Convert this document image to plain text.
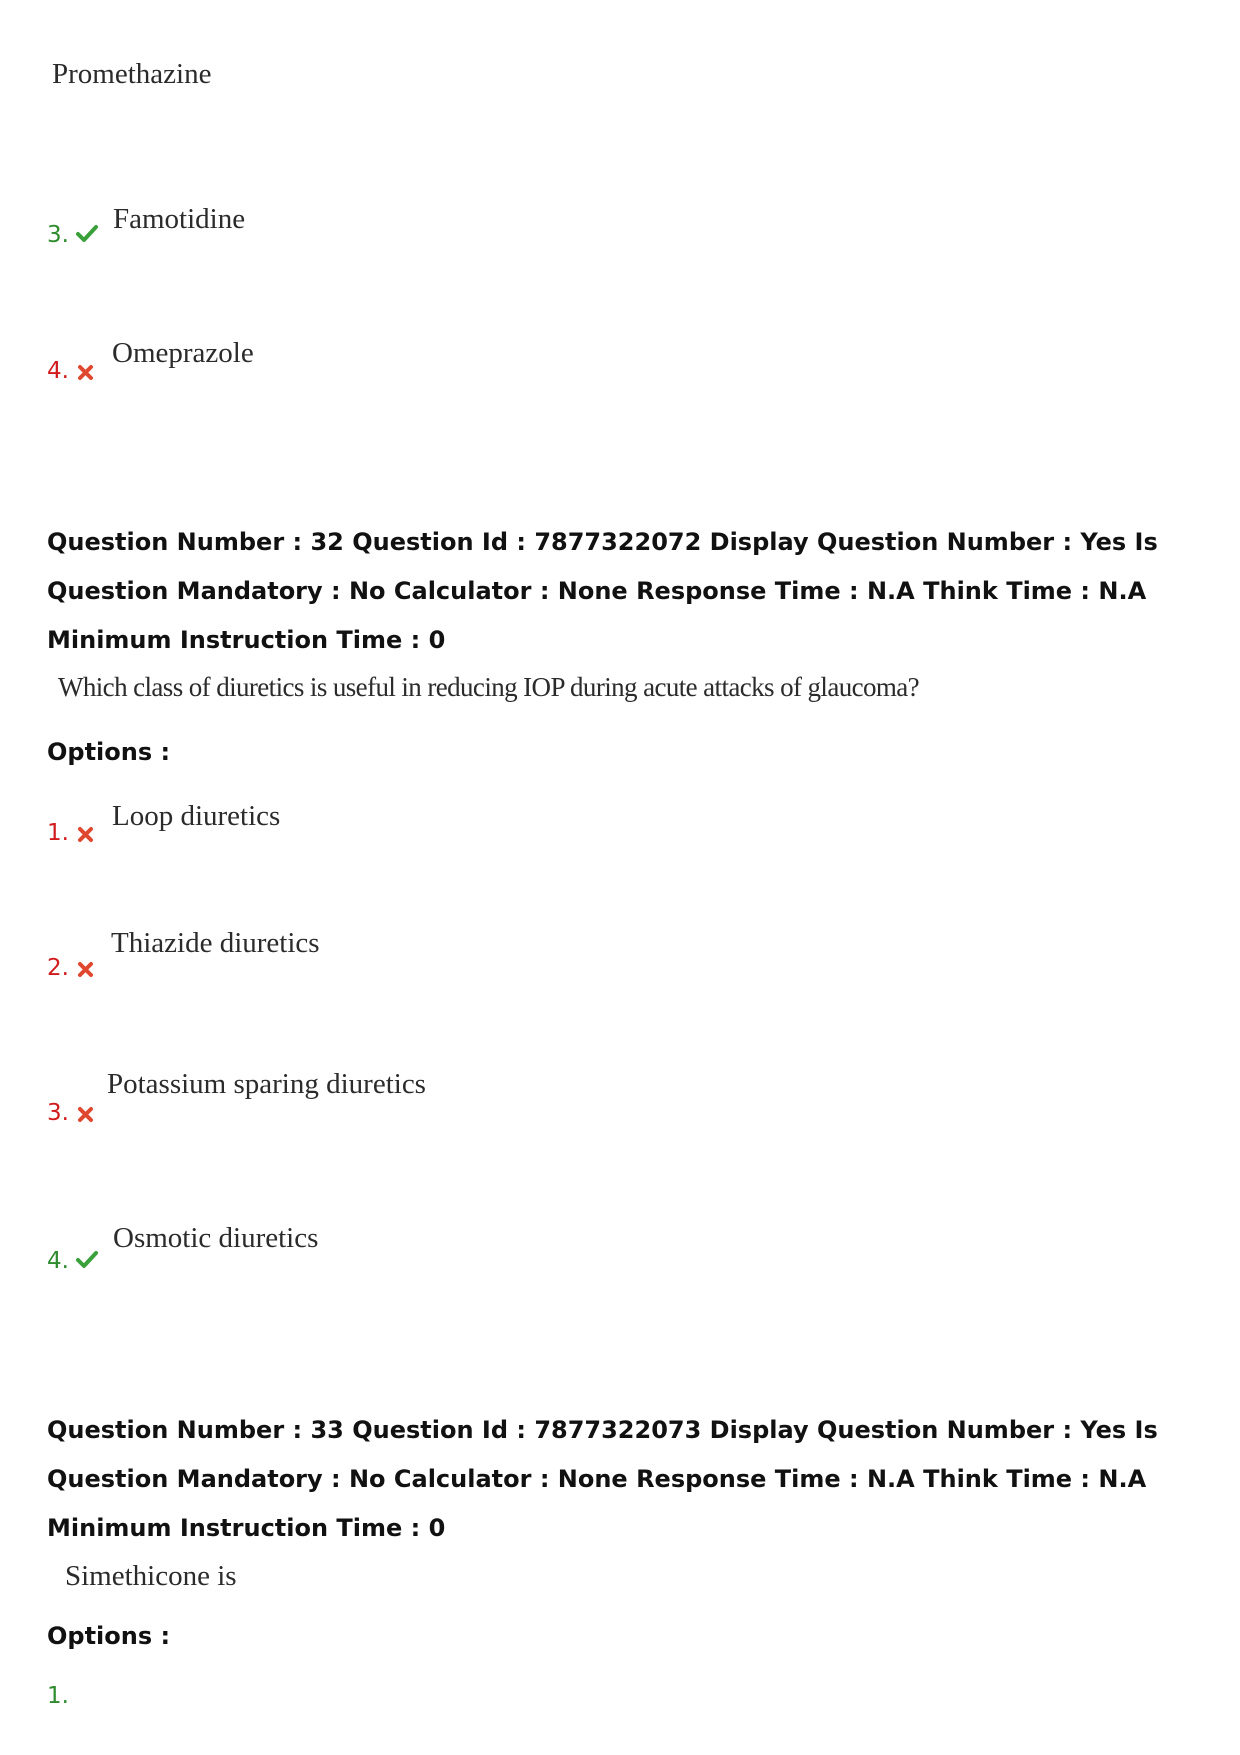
Promethazine
3. Famotidine
4.
Omeprazole
Question Number : 32 Question Id : 7877322072 Display Question Number : Yes Is Question Mandatory : No Calculator : None Response Time : N.A Think Time : N.A Minimum Instruction Time : 0
Which class of diuretics is useful in reducing IOP during acute attacks of glaucoma?
Options :
1.
Loop diuretics
2.
Thiazide diuretics
3.
Potassium sparing diuretics
4.
Osmotic diuretics
Question Number : 33 Question Id : 7877322073 Display Question Number : Yes Is Question Mandatory : No Calculator : None Response Time : N.A Think Time : N.A Minimum Instruction Time : 0
Simethicone is
Options :
1.
